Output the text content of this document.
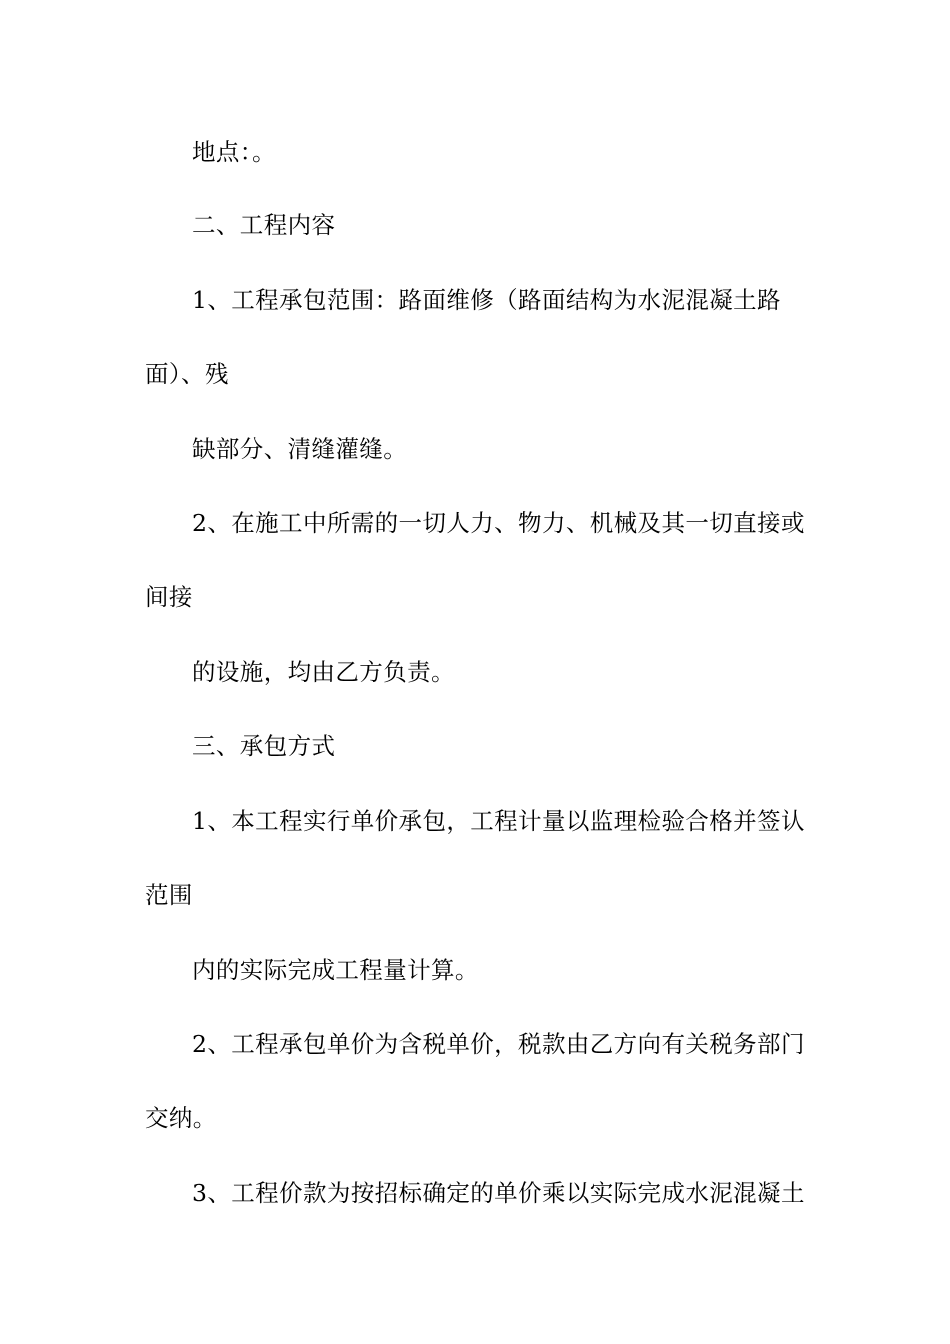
地点：。
二、工程内容
1、工程承包范围：路面维修（路面结构为水泥混凝土路
面）、残
缺部分、清缝灌缝。
2、在施工中所需的一切人力、物力、机械及其一切直接或
间接
的设施，均由乙方负责。
三、承包方式
1、本工程实行单价承包，工程计量以监理检验合格并签认
范围
内的实际完成工程量计算。
2、工程承包单价为含税单价，税款由乙方向有关税务部门
交纳。
3、工程价款为按招标确定的单价乘以实际完成水泥混凝土
